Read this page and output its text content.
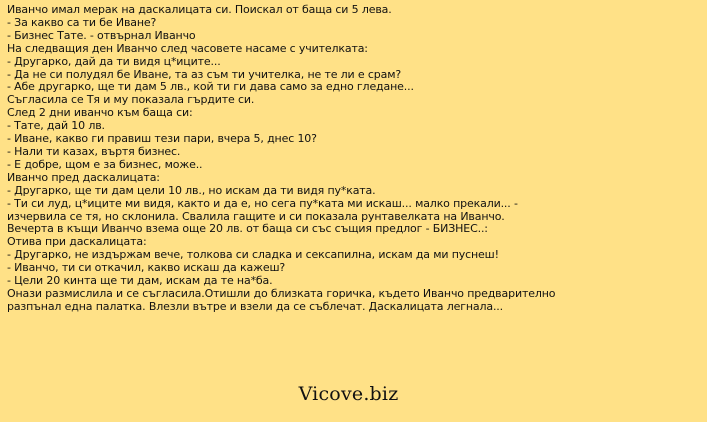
Иванчо имал мерак на даскалицата си. Поискал от баща си 5 лева.
- За какво са ти бе Иване?
- Бизнес Тате. - отвърнал Иванчо
На следващия ден Иванчо след часовете насаме с учителката:
- Другарко, дай да ти видя ц*иците...
- Да не си полудял бе Иване, та аз съм ти учителка, не те ли е срам?
- Абе другарко, ще ти дам 5 лв., кой ти ги дава само за едно гледане...
Съгласила се Тя и му показала гърдите си.
След 2 дни иванчо към баща си:
- Тате, дай 10 лв.
- Иване, какво ги правиш тези пари, вчера 5, днес 10?
- Нали ти казах, въртя бизнес.
- Е добре, щом е за бизнес, може..
Иванчо пред даскалицата:
- Другарко, ще ти дам цели 10 лв., но искам да ти видя пу*ката.
- Ти си луд, ц*иците ми видя, както и да е, но сега пу*ката ми искаш... малко прекали... -
изчервила се тя, но склонила. Свалила гащите и си показала рунтавелката на Иванчо.
Вечерта в къщи Иванчо взема още 20 лв. от баща си със същия предлог - БИЗНЕС..:
Отива при даскалицата:
- Другарко, не издържам вече, толкова си сладка и сексапилна, искам да ми пуснеш!
- Иванчо, ти си откачил, какво искаш да кажеш?
- Цели 20 кинта ще ти дам, искам да те на*ба.
Онази размислила и се съгласила.Отишли до близката горичка, където Иванчо предварително
разпънал една палатка. Влезли вътре и взели да се съблечат. Даскалицата легнала...
Vicove.biz
